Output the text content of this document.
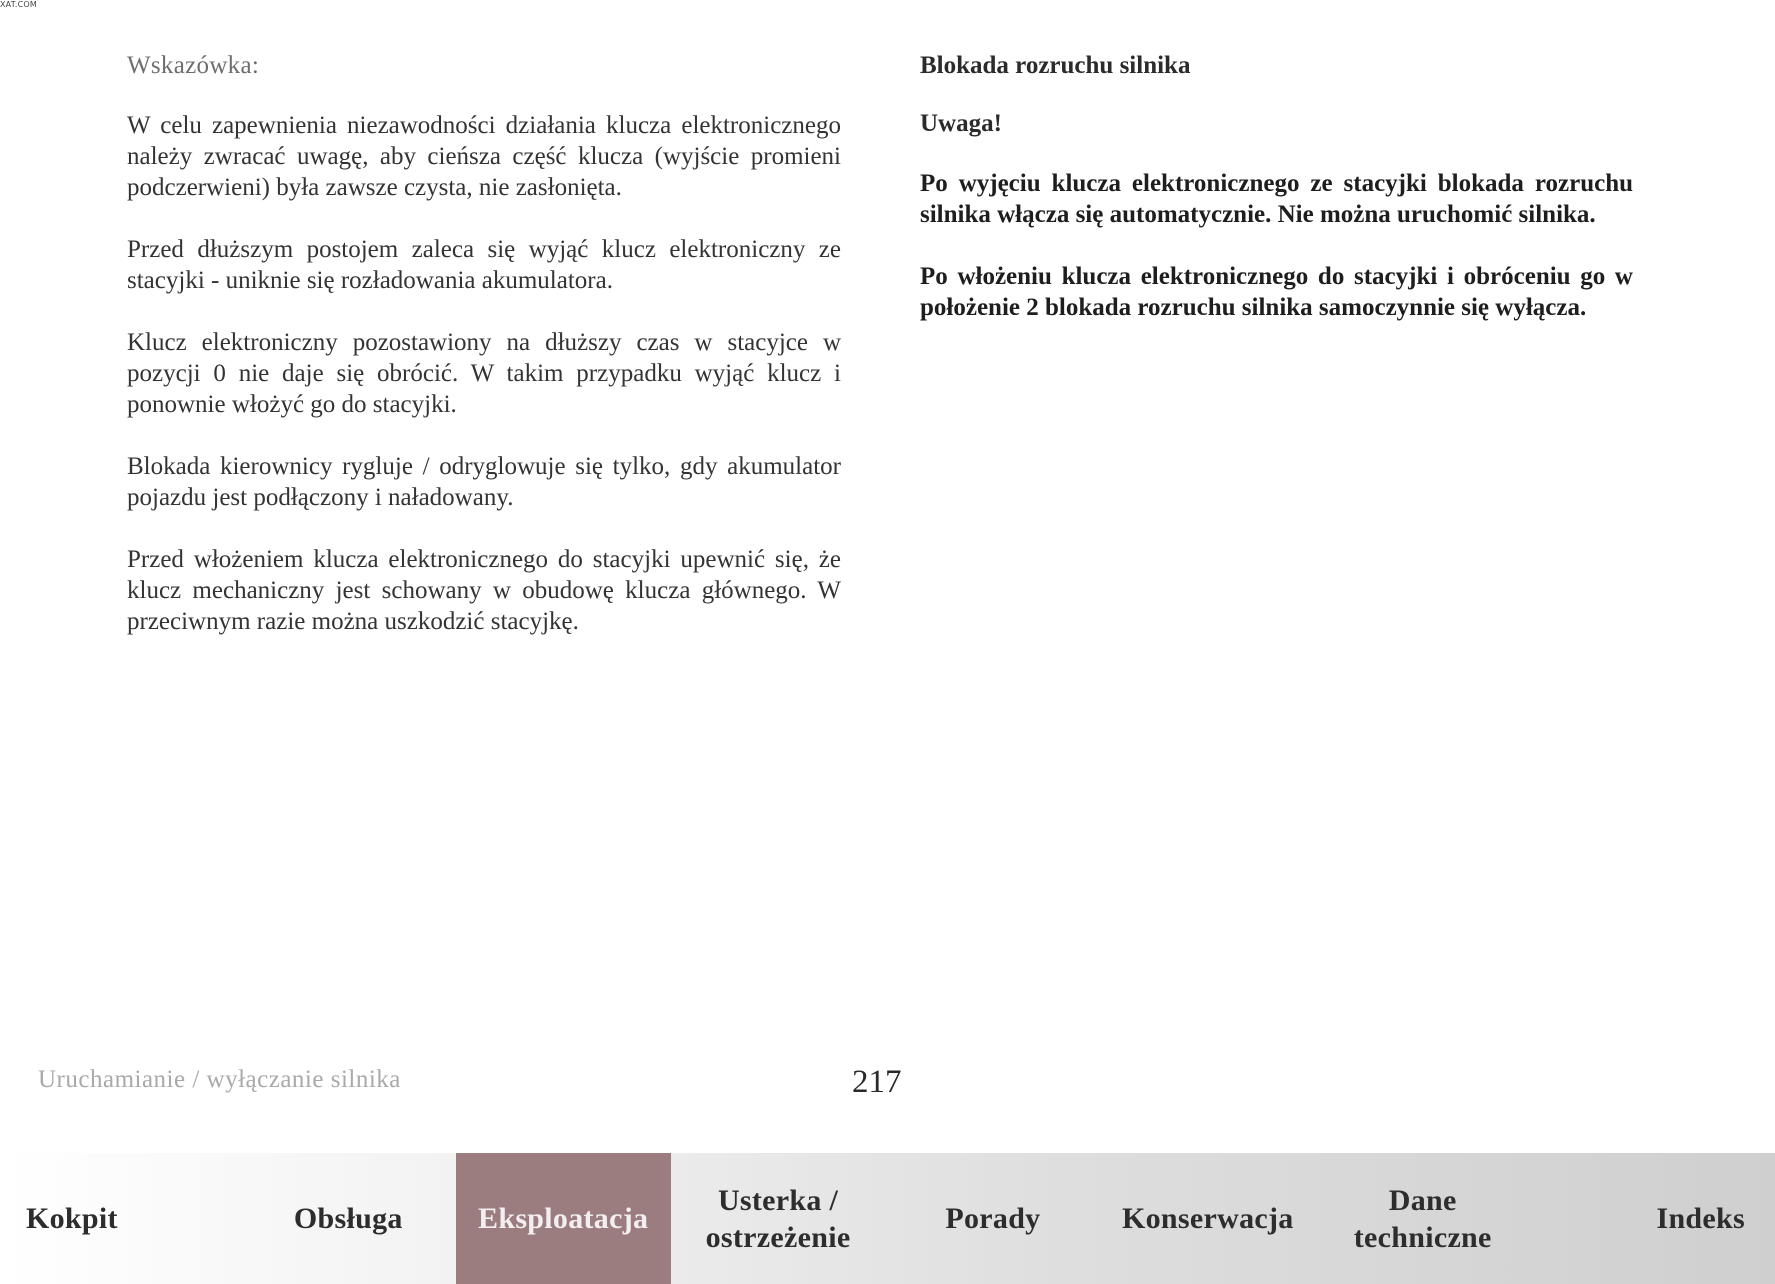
XAT.COM
Wskazówka:

W celu zapewnienia niezawodności działania klucza elektronicznego należy zwracać uwagę, aby cieńsza część klucza (wyjście promieni podczerwieni) była zawsze czysta, nie zasłonięta.

Przed dłuższym postojem zaleca się wyjąć klucz elektroniczny ze stacyjki - uniknie się rozładowania akumulatora.

Klucz elektroniczny pozostawiony na dłuższy czas w stacyjce w pozycji 0 nie daje się obrócić. W takim przypadku wyjąć klucz i ponownie włożyć go do stacyjki.

Blokada kierownicy rygluje / odryglowuje się tylko, gdy akumulator pojazdu jest podłączony i naładowany.

Przed włożeniem klucza elektronicznego do stacyjki upewnić się, że klucz mechaniczny jest schowany w obudowę klucza głównego. W przeciwnym razie można uszkodzić stacyjkę.

Blokada rozruchu silnika
Uwaga!

Po wyjęciu klucza elektronicznego ze stacyjki blokada rozruchu silnika włącza się automatycznie. Nie można uruchomić silnika.

Po włożeniu klucza elektronicznego do stacyjki i obróceniu go w położenie 2 blokada rozruchu silnika samoczynnie się wyłącza.

Uruchamianie / wyłączanie silnika	217
Kokpit	Obsługa	Eksploatacja
Usterka /
ostrzeżenie
Porady	Konserwacja
Dane
techniczne
Indeks
